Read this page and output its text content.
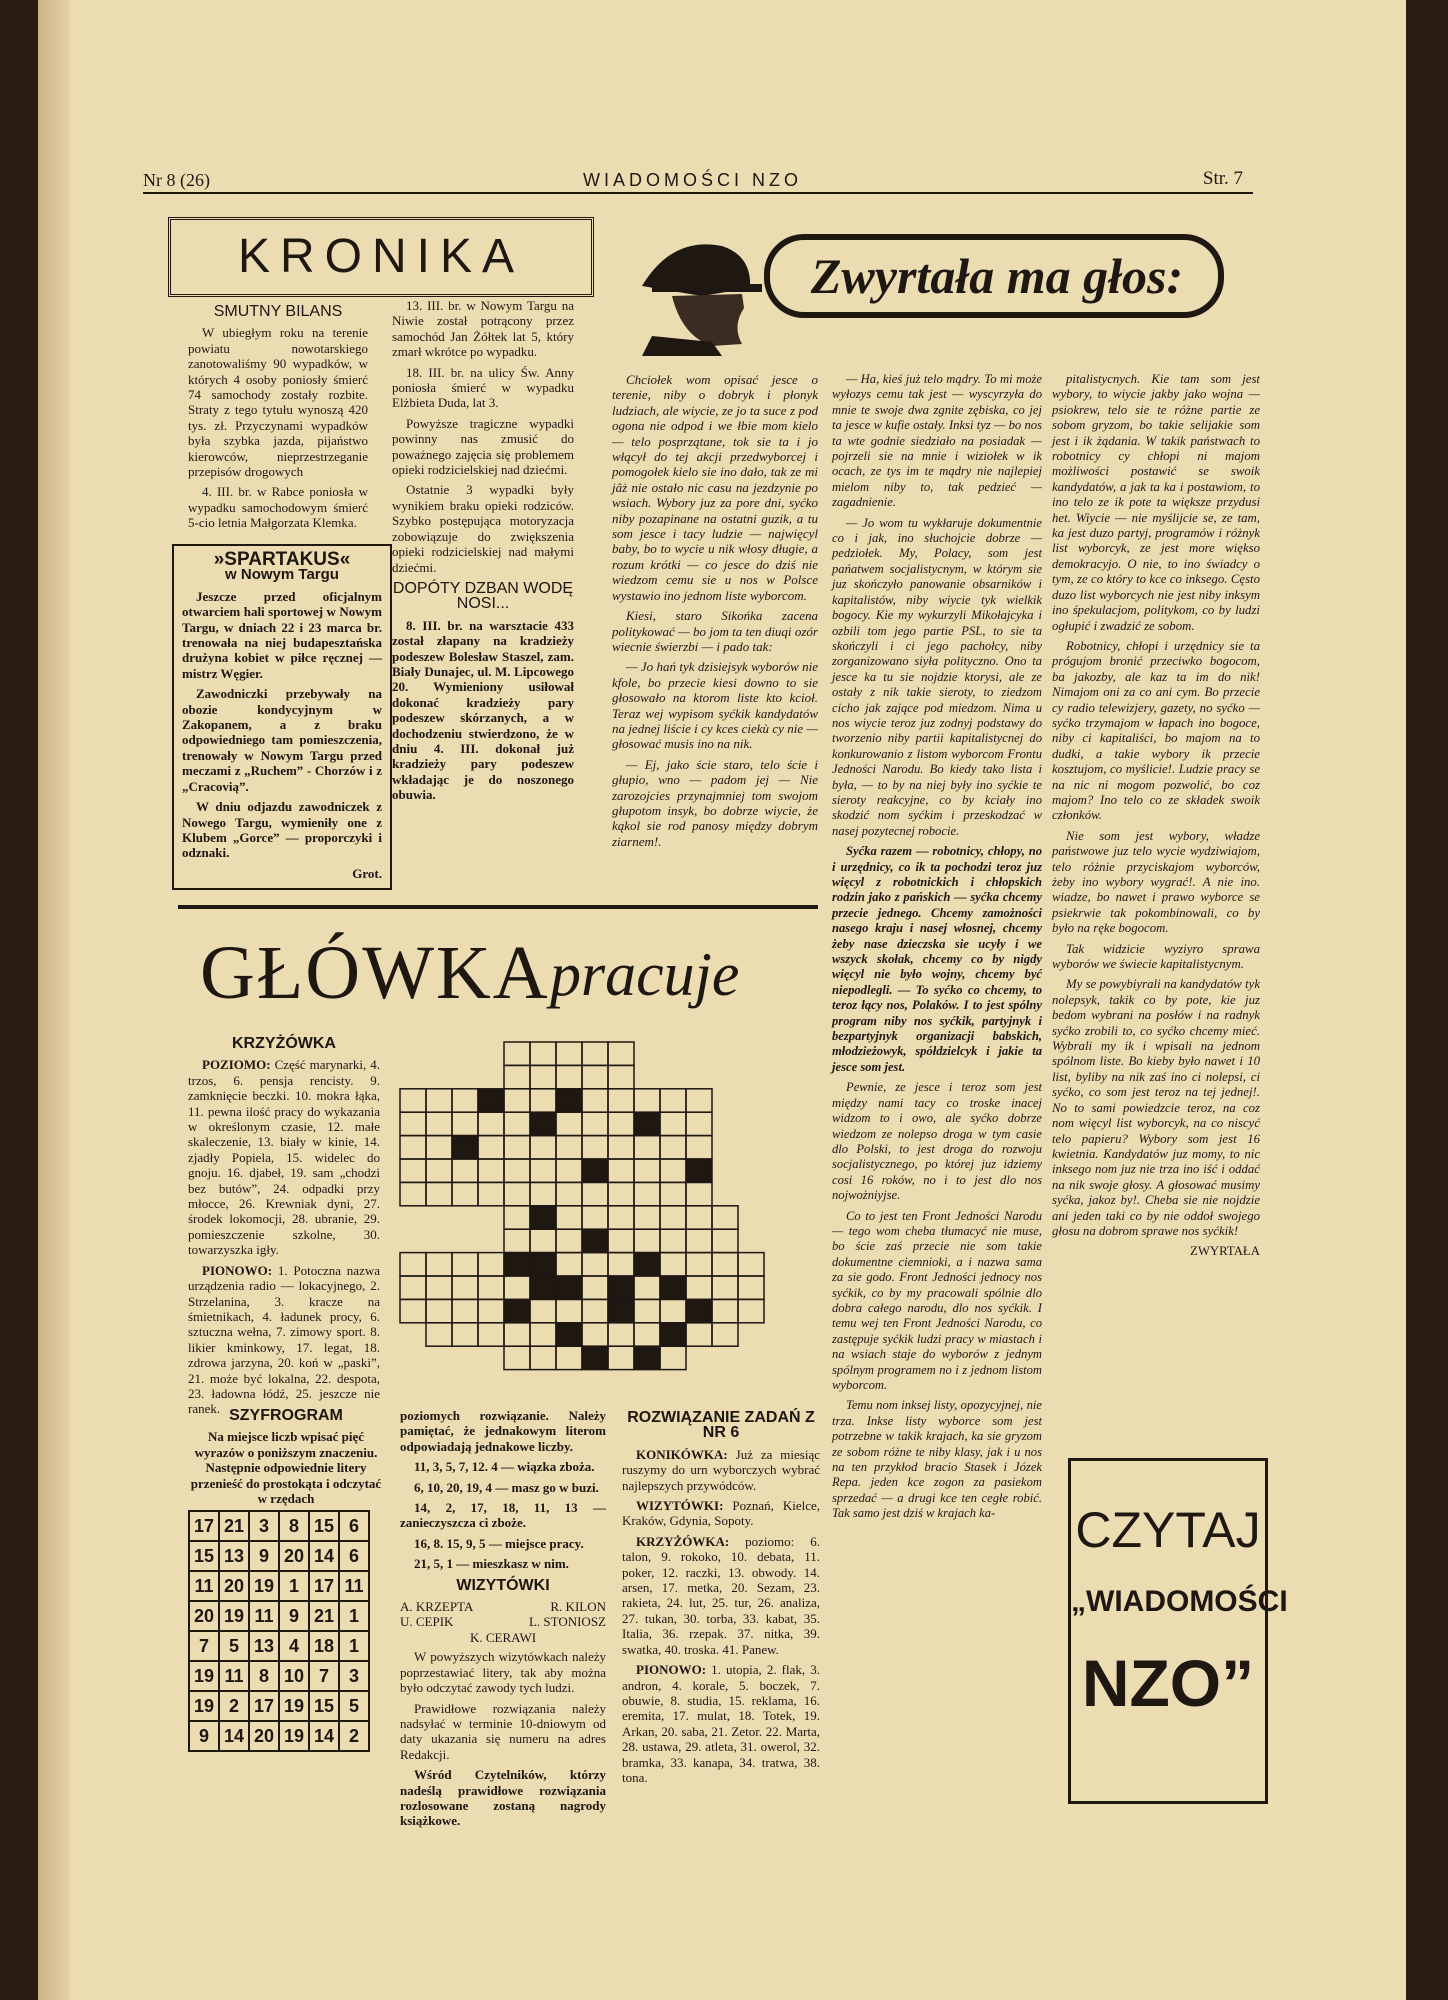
Nr 8 (26)	WIADOMOŚCI NZO	Str. 7
KRONIKA
SMUTNY BILANS

W ubiegłym roku na terenie powiatu nowotarskiego zanotowaliśmy 90 wypadków, w których 4 osoby poniosły śmierć 74 samochody zostały rozbite. Straty z tego tytułu wynoszą 420 tys. zł. Przyczynami wypadków była szybka jazda, pijaństwo kierowców, nieprzestrzeganie przepisów drogowych

4. III. br. w Rabce poniosła w wypadku samochodowym śmierć 5-cio letnia Małgorzata Klemka.

13. III. br. w Nowym Targu na Niwie został potrącony przez samochód Jan Żółtek lat 5, który zmarł wkrótce po wypadku.

18. III. br. na ulicy Św. Anny poniosła śmierć w wypadku Elżbieta Duda, lat 3.

Powyższe tragiczne wypadki powinny nas zmusić do poważnego zajęcia się problemem opieki rodzicielskiej nad dziećmi.

Ostatnie 3 wypadki były wynikiem braku opieki rodziców. Szybko postępująca motoryzacja zobowiązuje do zwiększenia opieki rodzicielskiej nad małymi dziećmi.

DOPÓTY DZBAN WODĘ NOSI...

8. III. br. na warsztacie 433 został złapany na kradzieży podeszew Bolesław Staszel, zam. Biały Dunajec, ul. M. Lipcowego 20. Wymieniony usiłował dokonać kradzieży pary podeszew skórzanych, a w dochodzeniu stwierdzono, że w dniu 4. III. dokonał już kradzieży pary podeszew wkładając je do noszonego obuwia.

»SPARTAKUS«
w Nowym Targu

Jeszcze przed oficjalnym otwarciem hali sportowej w Nowym Targu, w dniach 22 i 23 marca br. trenowała na niej budapesztańska drużyna kobiet w piłce ręcznej — mistrz Węgier.

Zawodniczki przebywały na obozie kondycyjnym w Zakopanem, a z braku odpowiedniego tam pomieszczenia, trenowały w Nowym Targu przed meczami z „Ruchem” - Chorzów i z „Cracovią”.

W dniu odjazdu zawodniczek z Nowego Targu, wymieniły one z Klubem „Gorce” — proporczyki i odznaki.

Grot.
Zwyrtała ma głos:

Chciołek wom opisać jesce o terenie, niby o dobryk i płonyk ludziach, ale wiycie, ze jo ta suce z pod ogona nie odpod i we łbie mom kielo — telo posprzątane, tok sie ta i jo włącył do tej akcji przedwyborcej i pomogołek kielo sie ino dało, tak ze mi jâż nie ostało nic casu na jezdzynie po wsiach. Wybory juz za pore dni, syćko niby pozapinane na ostatni guzik, a tu som jesce i tacy ludzie — najwięcyl baby, bo to wycie u nik włosy długie, a rozum krótki — co jesce do dziś nie wiedzom cemu sie u nos w Polsce wystawio ino jednom liste wyborcom.

Kiesi, staro Sikońka zacena politykować — bo jom ta ten diuqi ozór wiecnie świerzbi — i pado tak:

— Jo hań tyk dzisiejsyk wyborów nie kfole, bo przecie kiesi downo to sie głosowało na ktorom liste kto kcioł. Teraz wej wypisom syćkik kandydatów na jednej liście i cy kces ciekù cy nie — głosować musis ino na nik.

— Ej, jako ście staro, telo ście i głupio, wno — padom jej — Nie zarozojcies przynajmniej tom swojom głupotom insyk, bo dobrze wiycie, że kąkol sie rod panosy między dobrym ziarnem!.

— Ha, kieś już telo mądry. To mi może wyłozys cemu tak jest — wyscyrzyła do mnie te swoje dwa zgnite zębiska, co jej ta jesce w kufie ostały. Inksi tyz — bo nos ta wte godnie siedziało na posiadak — pojrzeli sie na mnie i wiziołek w ik ocach, ze tys im te mądry nie najlepiej mielom niby to, tak pedzieć — zagadnienie.

— Jo wom tu wykłaruje dokumentnie co i jak, ino słuchojcie dobrze — pedziołek. My, Polacy, som jest pańatwem socjalistycnym, w którym sie juz skończyło panowanie obsarników i kapitalistów, niby wiycie tyk wielkik bogocy. Kie my wykurzyli Mikołajcyka i ozbili tom jego partie PSL, to sie ta skończyli i ci jego pachołcy, niby zorganizowano siyła polityczno. Ono ta jesce ka tu sie nojdzie ktorysi, ale ze ostały z nik takie sieroty, to ziedzom cicho jak zające pod miedzom. Nima u nos wiycie teroz juz zodnyj podstawy do tworzenio niby partii kapitalistycnej do konkurowanio z listom wyborcom Frontu Jedności Narodu. Bo kiedy tako lista i była, — to by na niej były ino syćkie te sieroty reakcyjne, co by kciały ino skodzić nom syćkim i przeskodzać w nasej pozytecnej robocie.

Syćka razem — robotnicy, chłopy, no i urzędnicy, co ik ta pochodzi teroz juz więcyl z robotnickich i chłopskich rodzin jako z pańskich — syćka chcemy przecie jednego. Chcemy zamożności nasego kraju i nasej włosnej, chcemy żeby nase dzieczska sie ucyły i we wszyck skołak, chcemy co by nigdy więcyl nie było wojny, chcemy być niepodlegli. — To syćko co chcemy, to teroz łący nos, Polaków. I to jest spólny program niby nos syćkik, partyjnyk i bezpartyjnyk organizacji babskich, młodzieżowyk, spółdzielcyk i jakie ta jesce som jest.

Pewnie, ze jesce i teroz som jest między nami tacy co troske inacej widzom to i owo, ale syćko dobrze wiedzom ze nolepso droga w tym casie dlo Polski, to jest droga do rozwoju socjalistycznego, po której juz idziemy cosi 16 roków, no i to jest dlo nos nojwożniyjse.

Co to jest ten Front Jedności Narodu — tego wom cheba tłumacyć nie muse, bo ście zaś przecie nie som takie dokumentne ciemnioki, a i nazwa sama za sie godo. Front Jedności jednocy nos syćkik, co by my pracowali spólnie dlo dobra całego narodu, dlo nos syćkik. I temu wej ten Front Jedności Narodu, co zastępuje syćkik ludzi pracy w miastach i na wsiach staje do wyborów z jednym spólnym programem no i z jednom listom wyborcom.

Temu nom inksej listy, opozycyjnej, nie trza. Inkse listy wyborce som jest potrzebne w takik krajach, ka sie gryzom ze sobom różne te niby klasy, jak i u nos na ten przykłod bracio Stasek i Józek Repa. jeden kce zogon za pasiekom sprzedać — a drugi kce ten cegłe robić. Tak samo jest dziś w krajach ka-

pitalistycnych. Kie tam som jest wybory, to wiycie jakby jako wojna — psiokrew, telo sie te różne partie ze sobom gryzom, bo takie selijakie som jest i ik żądania. W takik państwach to robotnicy cy chłopi ni majom możliwości postawić se swoik kandydatów, a jak ta ka i postawiom, to ino telo ze ik pote ta większe przydusi het. Wiycie — nie myślijcie se, ze tam, ka jest duzo partyj, programów i różnyk list wyborcyk, ze jest more więkso demokracyjo. O nie, to ino świadcy o tym, ze co który to kce co inksego. Cęsto duzo list wyborcych nie jest niby inksym ino śpekulacjom, politykom, co by ludzi ogłupić i zwadzić ze sobom.

Robotnicy, chłopi i urzędnicy sie ta prógujom bronić przeciwko bogocom, ba jakozby, ale kaz ta im do nik! Nimajom oni za co ani cym. Bo przecie cy radio telewizjery, gazety, no syćko — syćko trzymajom w łapach ino bogoce, niby ci kapitaliści, bo majom na to dudki, a takie wybory ik przecie kosztujom, co myślicie!. Ludzie pracy se na nic ni mogom pozwolić, bo coz majom? Ino telo co ze składek swoik członków.

Nie som jest wybory, władze państwowe juz telo wycie wydziwiajom, telo różnie przyciskajom wyborców, żeby ino wybory wygrać!. A nie ino. wiadze, bo nawet i prawo wyborce se psiekrwie tak pokombinowali, co by było na ręke bogocom.

Tak widzicie wyziyro sprawa wyborów we świecie kapitalistycnym.

My se powybiyrali na kandydatów tyk nolepsyk, takik co by pote, kie juz bedom wybrani na posłów i na radnyk syćko zrobili to, co syćko chcemy mieć. Wybrali my ik i wpisali na jednom spólnom liste. Bo kieby było nawet i 10 list, byliby na nik zaś ino ci nolepsi, ci syćko, co som jest teroz na tej jednej!. No to sami powiedzcie teroz, na coz nom więcyl list wyborcyk, na co niscyć telo papieru? Wybory som jest 16 kwietnia. Kandydatów juz momy, to nic inksego nom juz nie trza ino iść i oddać na nik swoje głosy. A głosować musimy syćka, jakoz by!. Cheba sie nie nojdzie ani jeden taki co by nie oddoł swojego głosu na dobrom sprawe nos syćkik!

ZWYRTAŁA
GŁÓWKA pracuje
KRZYŻÓWKA

POZIOMO: Część marynarki, 4. trzos, 6. pensja rencisty. 9. zamknięcie beczki. 10. mokra łąka, 11. pewna ilość pracy do wykazania w określonym czasie, 12. małe skaleczenie, 13. biały w kinie, 14. zjadły Popiela, 15. widelec do gnoju. 16. djabeł, 19. sam „chodzi bez butów”, 24. odpadki przy młocce, 26. Krewniak dyni, 27. środek lokomocji, 28. ubranie, 29. pomieszczenie szkolne, 30. towarzyszka igły.

PIONOWO: 1. Potoczna nazwa urządzenia radio — lokacyjnego, 2. Strzelanina, 3. kracze na śmietnikach, 4. ładunek procy, 6. sztuczna wełna, 7. zimowy sport. 8. likier kminkowy, 17. legat, 18. zdrowa jarzyna, 20. koń w „paski”, 21. może być lokalna, 22. despota, 23. ładowna łódź, 25. jeszcze nie ranek. SZYFROGRAM

Na miejsce liczb wpisać pięć wyrazów o poniższym znaczeniu. Następnie odpowiednie litery przenieść do prostokąta i odczytać w rzędach

17	21	3	8	15	6
15	13	9	20	14	6
11	20	19	1	17	11
20	19	11	9	21	1
7	5	13	4	18	1
19	11	8	10	7	3
19	2	17	19	15	5
9	14	20	19	14	2

poziomych rozwiązanie. Należy pamiętać, że jednakowym literom odpowiadają jednakowe liczby.

11, 3, 5, 7, 12. 4 — wiązka zboża.

6, 10, 20, 19, 4 — masz go w buzi.

14, 2, 17, 18, 11, 13 — zanieczyszcza ci zboże.

16, 8. 15, 9, 5 — miejsce pracy.

21, 5, 1 — mieszkasz w nim.

WIZYTÓWKI
A. KRZEPTA	R. KILON
U. CEPIK	L. STONIOSZ
K. CERAWI

W powyższych wizytówkach należy poprzestawiać litery, tak aby można było odczytać zawody tych ludzi.

Prawidłowe rozwiązania należy nadsyłać w terminie 10-dniowym od daty ukazania się numeru na adres Redakcji.

Wśród Czytelników, którzy nadeślą prawidłowe rozwiązania rozlosowane zostaną nagrody książkowe.

ROZWIĄZANIE ZADAŃ Z NR 6

KONIKÓWKA: Już za miesiąc ruszymy do urn wyborczych wybrać najlepszych przywódców.

WIZYTÓWKI: Poznań, Kielce, Kraków, Gdynia, Sopoty.

KRZYŻÓWKA: poziomo: 6. talon, 9. rokoko, 10. debata, 11. poker, 12. raczki, 13. obwody. 14. arsen, 17. metka, 20. Sezam, 23. rakieta, 24. lut, 25. tur, 26. analiza, 27. tukan, 30. torba, 33. kabat, 35. Italia, 36. rzepak. 37. nitka, 39. swatka, 40. troska. 41. Panew.

PIONOWO: 1. utopia, 2. flak, 3. andron, 4. korale, 5. boczek, 7. obuwie, 8. studia, 15. reklama, 16. eremita, 17. mulat, 18. Totek, 19. Arkan, 20. saba, 21. Zetor. 22. Marta, 28. ustawa, 29. atleta, 31. owerol, 32. bramka, 33. kanapa, 34. tratwa, 38. tona.

CZYTAJ
„WIADOMOŚCI
NZO”
